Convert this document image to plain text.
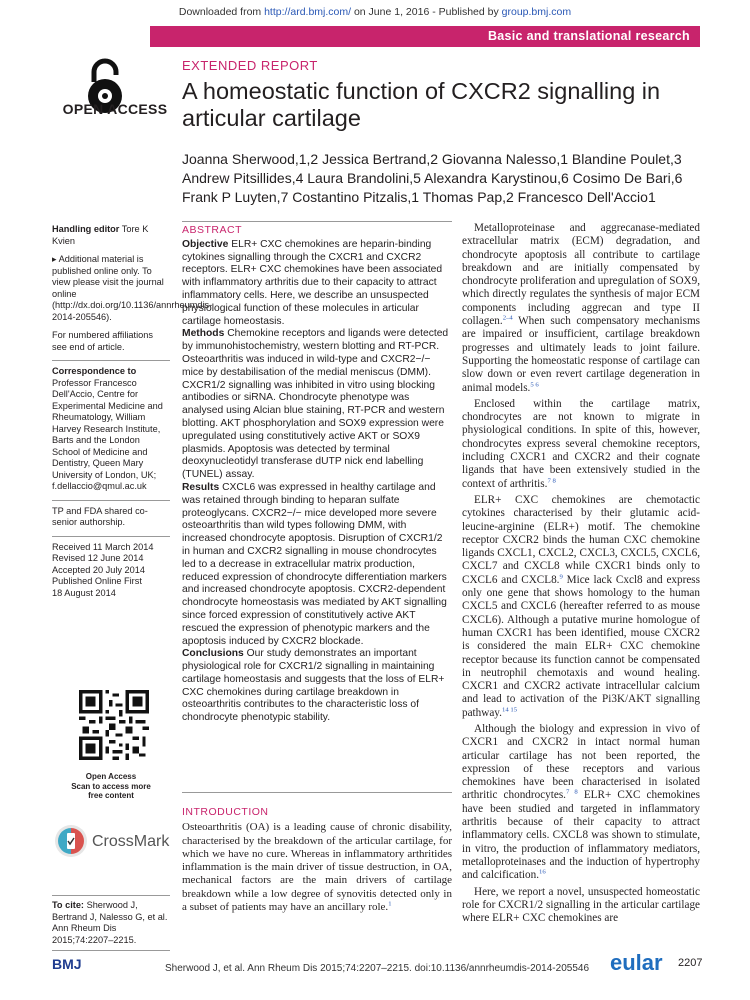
Downloaded from http://ard.bmj.com/ on June 1, 2016 - Published by group.bmj.com
Basic and translational research
OPEN ACCESS
EXTENDED REPORT
A homeostatic function of CXCR2 signalling in articular cartilage
Joanna Sherwood,1,2 Jessica Bertrand,2 Giovanna Nalesso,1 Blandine Poulet,3 Andrew Pitsillides,4 Laura Brandolini,5 Alexandra Karystinou,6 Cosimo De Bari,6 Frank P Luyten,7 Costantino Pitzalis,1 Thomas Pap,2 Francesco Dell'Accio1

Handling editor Tore K Kvien

▸ Additional material is published online only. To view please visit the journal online (http://dx.doi.org/10.1136/annrheumdis-2014-205546).

For numbered affiliations see end of article.

Correspondence to
Professor Francesco Dell'Accio, Centre for Experimental Medicine and Rheumatology, William Harvey Research Institute, Barts and the London School of Medicine and Dentistry, Queen Mary University of London, UK; f.dellaccio@qmul.ac.uk

TP and FDA shared co-senior authorship.

Received 11 March 2014
Revised 12 June 2014
Accepted 20 July 2014
Published Online First
18 August 2014
Open Access
Scan to access more
free content
CrossMark
To cite: Sherwood J, Bertrand J, Nalesso G, et al. Ann Rheum Dis 2015;74:2207–2215.
ABSTRACT

Objective ELR+ CXC chemokines are heparin-binding cytokines signalling through the CXCR1 and CXCR2 receptors. ELR+ CXC chemokines have been associated with inflammatory arthritis due to their capacity to attract inflammatory cells. Here, we describe an unsuspected physiological function of these molecules in articular cartilage homeostasis.

Methods Chemokine receptors and ligands were detected by immunohistochemistry, western blotting and RT-PCR. Osteoarthritis was induced in wild-type and CXCR2−/− mice by destabilisation of the medial meniscus (DMM). CXCR1/2 signalling was inhibited in vitro using blocking antibodies or siRNA. Chondrocyte phenotype was analysed using Alcian blue staining, RT-PCR and western blotting. AKT phosphorylation and SOX9 expression were upregulated using constitutively active AKT or SOX9 plasmids. Apoptosis was detected by terminal deoxynucleotidyl transferase dUTP nick end labelling (TUNEL) assay.

Results CXCL6 was expressed in healthy cartilage and was retained through binding to heparan sulfate proteoglycans. CXCR2−/− mice developed more severe osteoarthritis than wild types following DMM, with increased chondrocyte apoptosis. Disruption of CXCR1/2 in human and CXCR2 signalling in mouse chondrocytes led to a decrease in extracellular matrix production, reduced expression of chondrocyte differentiation markers and increased chondrocyte apoptosis. CXCR2-dependent chondrocyte homeostasis was mediated by AKT signalling since forced expression of constitutively active AKT rescued the expression of phenotypic markers and the apoptosis induced by CXCR2 blockade.

Conclusions Our study demonstrates an important physiological role for CXCR1/2 signalling in maintaining cartilage homeostasis and suggests that the loss of ELR+ CXC chemokines during cartilage breakdown in osteoarthritis contributes to the characteristic loss of chondrocyte phenotypic stability.

INTRODUCTION
Osteoarthritis (OA) is a leading cause of chronic disability, characterised by the breakdown of the articular cartilage, for which we have no cure. Whereas in inflammatory arthritides inflammation is the main driver of tissue destruction, in OA, mechanical factors are the main drivers of cartilage breakdown while a low degree of synovitis detected only in a subset of patients may have an ancillary role.$^1$

Metalloproteinase and aggrecanase-mediated extracellular matrix (ECM) degradation, and chondrocyte apoptosis all contribute to cartilage breakdown and are initially compensated by chondrocyte proliferation and upregulation of SOX9, which directly regulates the synthesis of major ECM components including aggrecan and type II collagen.$^{2-4}$ When such compensatory mechanisms are impaired or insufficient, cartilage breakdown progresses and ultimately leads to joint failure. Supporting the homeostatic response of cartilage can slow down or even revert cartilage degeneration in animal models.$^{5 6}$

Enclosed within the cartilage matrix, chondrocytes are not known to migrate in physiological conditions. In spite of this, however, chondrocytes express several chemokine receptors, including CXCR1 and CXCR2 and their cognate ligands that have been extensively studied in the context of arthritis.$^{7 8}$

ELR+ CXC chemokines are chemotactic cytokines characterised by their glutamic acid-leucine-arginine (ELR+) motif. The chemokine receptor CXCR2 binds the human CXC chemokine ligands CXCL1, CXCL2, CXCL3, CXCL5, CXCL6, CXCL7 and CXCL8 while CXCR1 binds only to CXCL6 and CXCL8.$^9$ Mice lack Cxcl8 and express only one gene that shows homology to the human CXCL5 and CXCL6 (hereafter referred to as mouse CXCL6). Although a putative murine homologue of human CXCR1 has been identified, mouse CXCR2 is considered the main ELR+ CXC chemokine receptor because its function cannot be compensated in neutrophil chemotaxis and wound healing. CXCR1 and CXCR2 activate intracellular calcium and lead to activation of the Pi3K/AKT signalling pathway.$^{14 15}$

Although the biology and expression in vivo of CXCR1 and CXCR2 in intact normal human articular cartilage has not been reported, the expression of these receptors and various chemokines have been characterised in isolated arthritic chondrocytes.$^{7 8}$ ELR+ CXC chemokines have been studied and targeted in inflammatory arthritis because of their capacity to attract inflammatory cells. CXCL8 was shown to stimulate, in vitro, the production of inflammatory mediators, metalloproteinases and the induction of hypertrophy and calcification.$^{16}$

Here, we report a novel, unsuspected homeostatic role for CXCR1/2 signalling in the articular cartilage where ELR+ CXC chemokines are

BMJ	Sherwood J, et al. Ann Rheum Dis 2015;74:2207–2215. doi:10.1136/annrheumdis-2014-205546 eular 2207
